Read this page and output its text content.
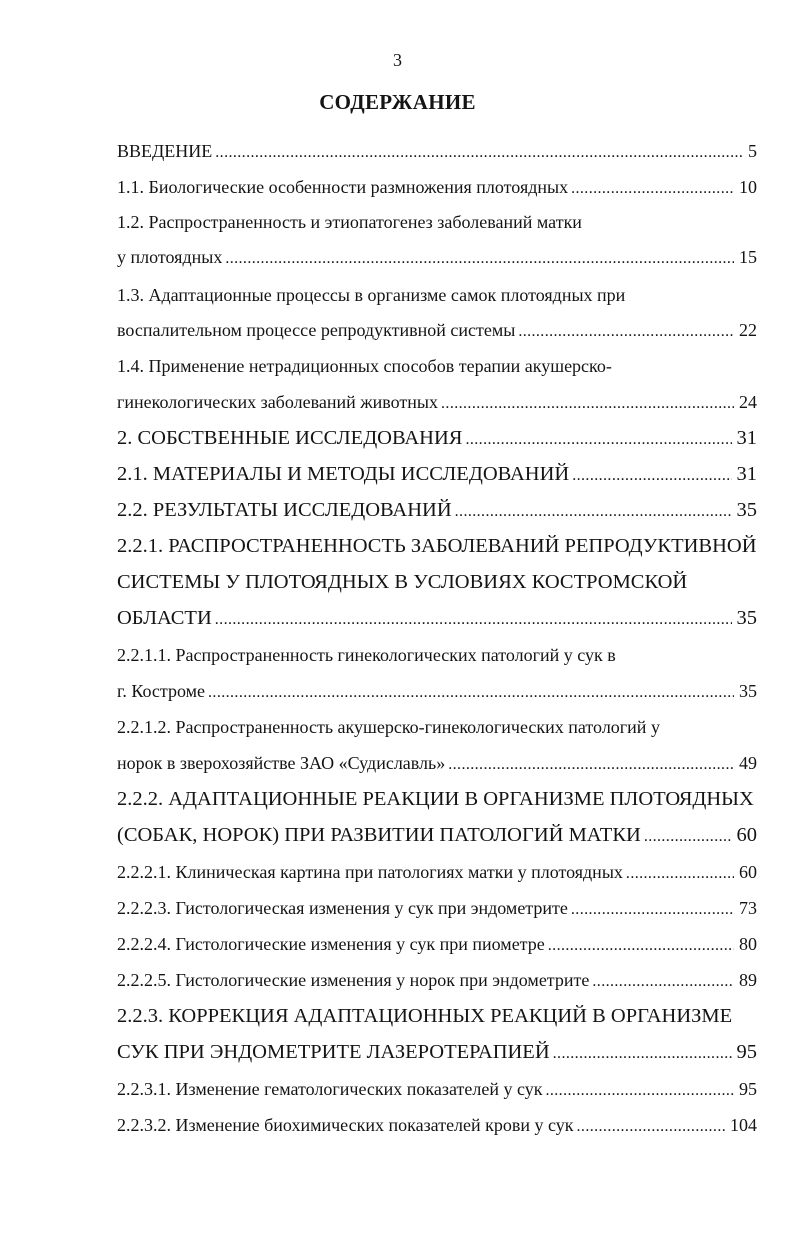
3
СОДЕРЖАНИЕ
ВВЕДЕНИЕ .....	5
1.1. Биологические особенности размножения плотоядных .....	10
1.2. Распространенность и этиопатогенез заболеваний матки
у плотоядных .....	15
1.3. Адаптационные процессы в организме самок плотоядных при
воспалительном процессе репродуктивной системы .....	22
1.4. Применение нетрадиционных способов терапии акушерско-
гинекологических заболеваний животных .....	24
2. СОБСТВЕННЫЕ ИССЛЕДОВАНИЯ .....	31
2.1. МАТЕРИАЛЫ И МЕТОДЫ ИССЛЕДОВАНИЙ .....	31
2.2. РЕЗУЛЬТАТЫ ИССЛЕДОВАНИЙ .....	35
2.2.1. РАСПРОСТРАНЕННОСТЬ ЗАБОЛЕВАНИЙ РЕПРОДУКТИВНОЙ
СИСТЕМЫ У ПЛОТОЯДНЫХ В УСЛОВИЯХ КОСТРОМСКОЙ
ОБЛАСТИ .....	35
2.2.1.1. Распространенность гинекологических патологий у сук в
г. Костроме .....	35
2.2.1.2. Распространенность акушерско-гинекологических патологий у
норок в зверохозяйстве ЗАО «Судиславль» .....	49
2.2.2. АДАПТАЦИОННЫЕ РЕАКЦИИ В ОРГАНИЗМЕ ПЛОТОЯДНЫХ
(СОБАК, НОРОК) ПРИ РАЗВИТИИ ПАТОЛОГИЙ МАТКИ .....	60
2.2.2.1. Клиническая картина при патологиях матки у плотоядных .....	60
2.2.2.3. Гистологическая изменения у сук при эндометрите .....	73
2.2.2.4. Гистологические изменения у сук при пиометре .....	80
2.2.2.5. Гистологические изменения у норок при эндометрите .....	89
2.2.3. КОРРЕКЦИЯ АДАПТАЦИОННЫХ РЕАКЦИЙ В ОРГАНИЗМЕ
СУК ПРИ ЭНДОМЕТРИТЕ ЛАЗЕРОТЕРАПИЕЙ .....	95
2.2.3.1. Изменение гематологических показателей у сук .....	95
2.2.3.2. Изменение биохимических показателей крови у сук .....	104
